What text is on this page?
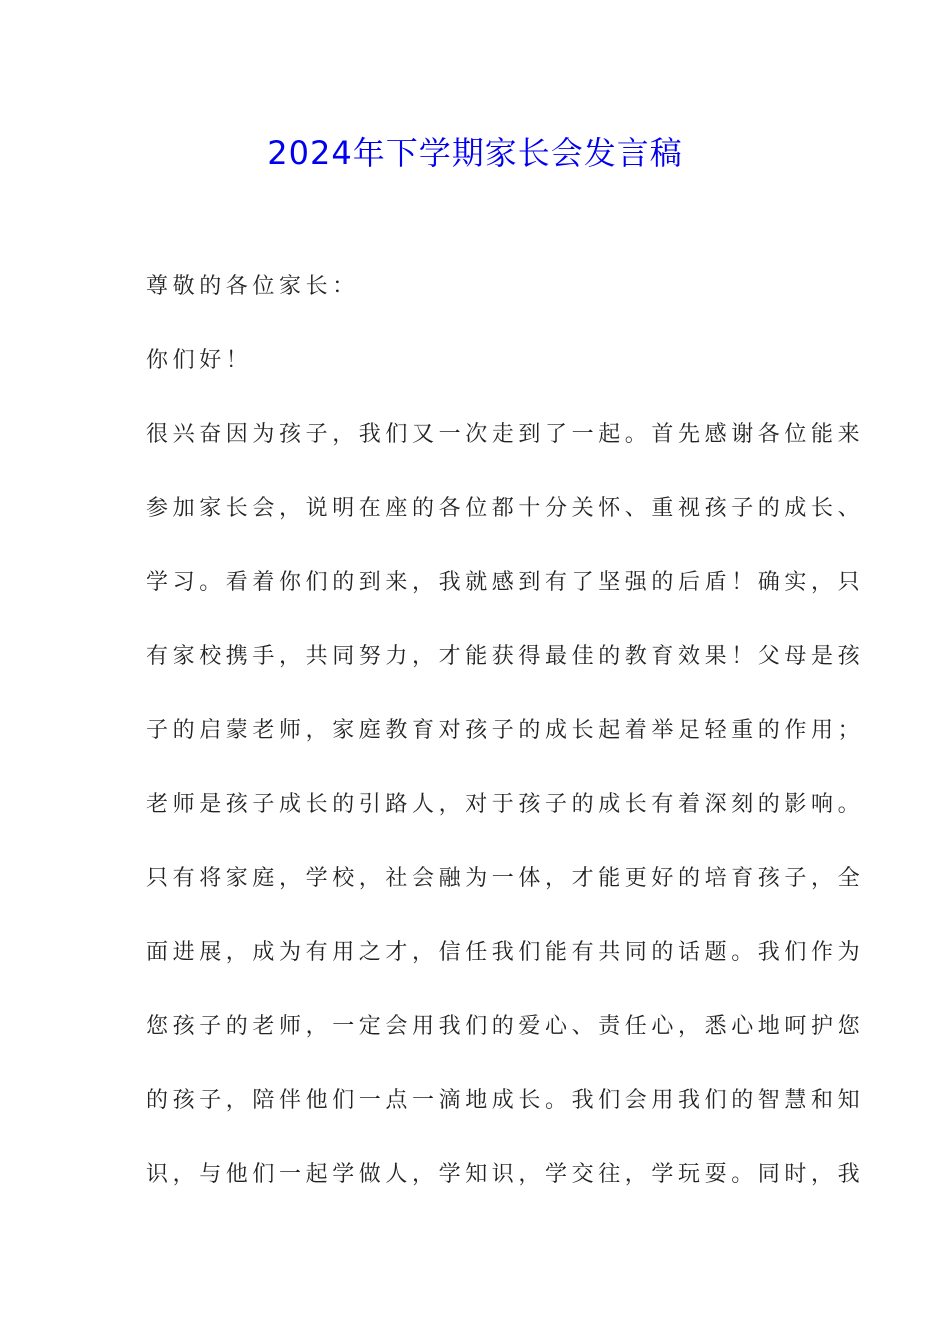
2024年下学期家长会发言稿

尊敬的各位家长：

你们好！

很兴奋因为孩子，我们又一次走到了一起。首先感谢各位能来

参加家长会，说明在座的各位都十分关怀、重视孩子的成长、

学习。看着你们的到来，我就感到有了坚强的后盾！确实，只

有家校携手，共同努力，才能获得最佳的教育效果！父母是孩

子的启蒙老师，家庭教育对孩子的成长起着举足轻重的作用；

老师是孩子成长的引路人，对于孩子的成长有着深刻的影响。

只有将家庭，学校，社会融为一体，才能更好的培育孩子，全

面进展，成为有用之才，信任我们能有共同的话题。我们作为

您孩子的老师，一定会用我们的爱心、责任心，悉心地呵护您

的孩子，陪伴他们一点一滴地成长。我们会用我们的智慧和知

识，与他们一起学做人，学知识，学交往，学玩耍。同时，我
